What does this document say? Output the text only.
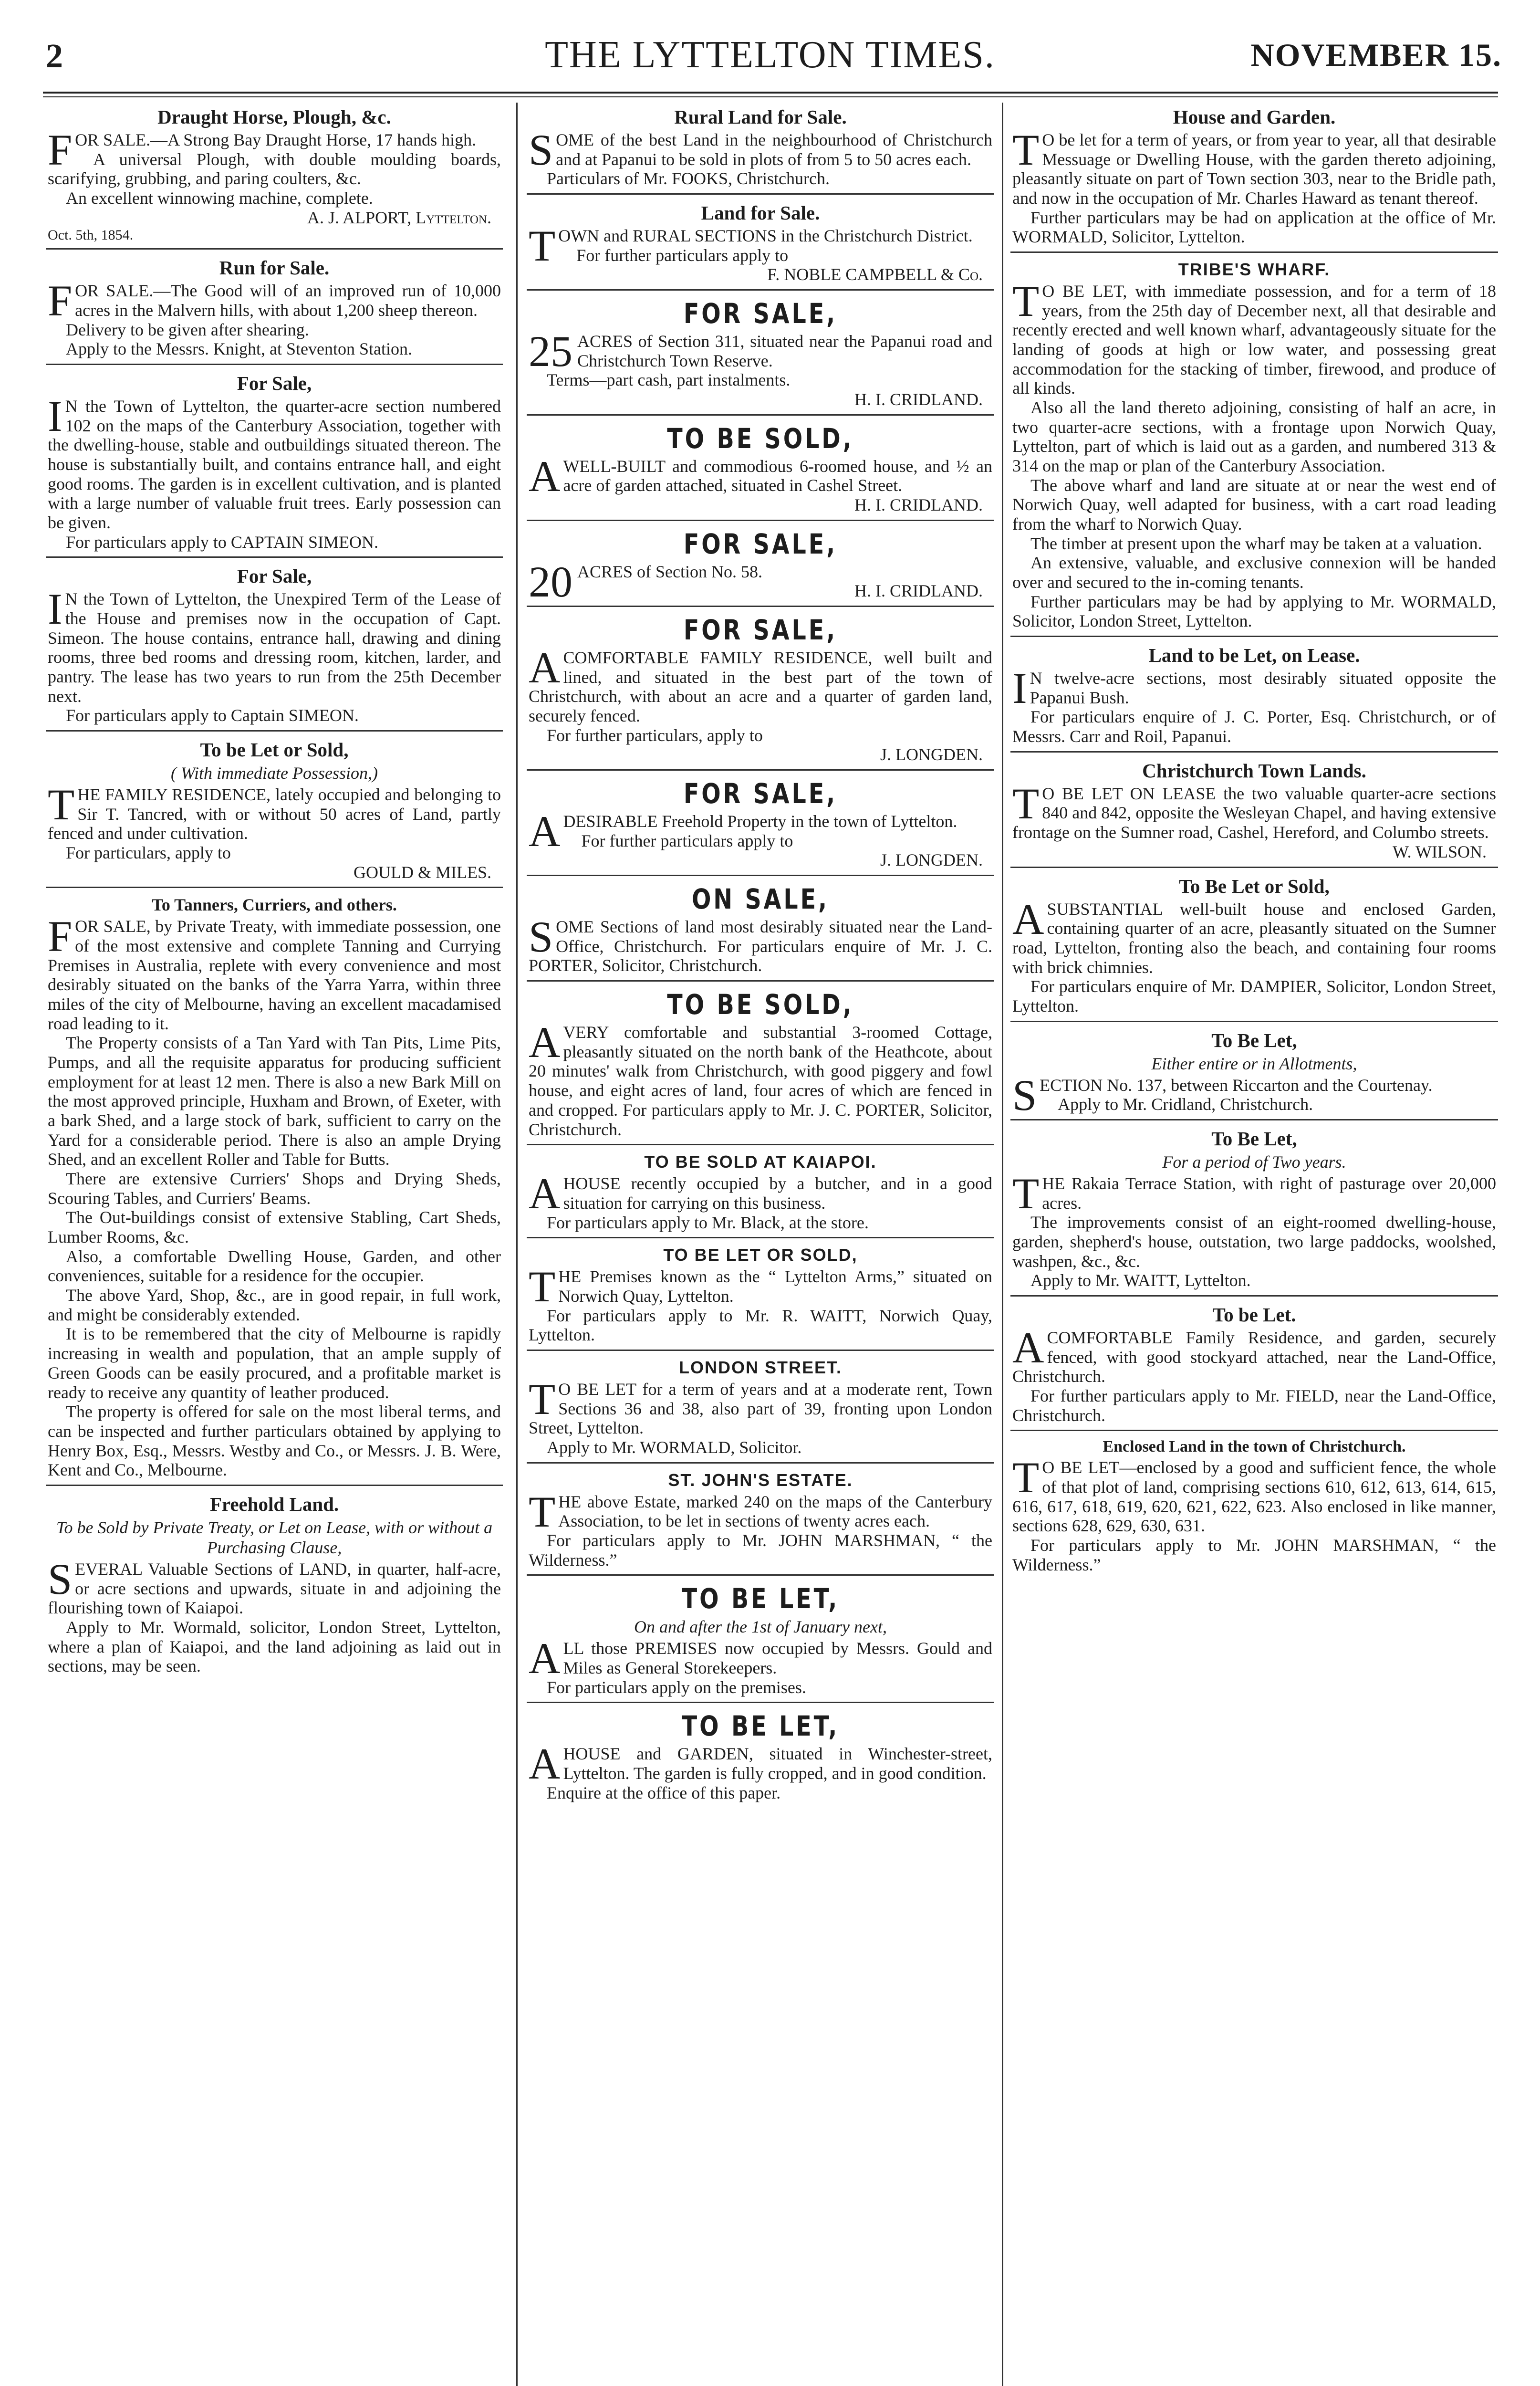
2	THE LYTTELTON TIMES.	NOVEMBER 15.
Draught Horse, Plough, &c.

FOR SALE.—A Strong Bay Draught Horse, 17 hands high.

A universal Plough, with double moulding boards, scarifying, grubbing, and paring coulters, &c.

An excellent winnowing machine, complete.

A. J. ALPORT, Lyttelton.

Oct. 5th, 1854.

Run for Sale.

FOR SALE.—The Good will of an improved run of 10,000 acres in the Malvern hills, with about 1,200 sheep thereon.

Delivery to be given after shearing.

Apply to the Messrs. Knight, at Steventon Station.

For Sale,

I N the Town of Lyttelton, the quarter-acre section numbered 102 on the maps of the Canterbury Association, together with the dwelling-house, stable and outbuildings situated thereon. The house is substantially built, and contains entrance hall, and eight good rooms. The garden is in excellent cultivation, and is planted with a large number of valuable fruit trees. Early possession can be given.

For particulars apply to CAPTAIN SIMEON.

For Sale,

I N the Town of Lyttelton, the Unexpired Term of the Lease of the House and premises now in the occupation of Capt. Simeon. The house contains, entrance hall, drawing and dining rooms, three bed rooms and dressing room, kitchen, larder, and pantry. The lease has two years to run from the 25th December next.

For particulars apply to Captain SIMEON.

To be Let or Sold,
( With immediate Possession,)

THE FAMILY RESIDENCE, lately occupied and belonging to Sir T. Tancred, with or without 50 acres of Land, partly fenced and under cultivation.

For particulars, apply to

GOULD & MILES.

To Tanners, Curriers, and others.

FOR SALE, by Private Treaty, with immediate possession, one of the most extensive and complete Tanning and Currying Premises in Australia, replete with every convenience and most desirably situated on the banks of the Yarra Yarra, within three miles of the city of Melbourne, having an excellent macadamised road leading to it.

The Property consists of a Tan Yard with Tan Pits, Lime Pits, Pumps, and all the requisite apparatus for producing sufficient employment for at least 12 men. There is also a new Bark Mill on the most approved principle, Huxham and Brown, of Exeter, with a bark Shed, and a large stock of bark, sufficient to carry on the Yard for a considerable period. There is also an ample Drying Shed, and an excellent Roller and Table for Butts.

There are extensive Curriers' Shops and Drying Sheds, Scouring Tables, and Curriers' Beams.

The Out-buildings consist of extensive Stabling, Cart Sheds, Lumber Rooms, &c.

Also, a comfortable Dwelling House, Garden, and other conveniences, suitable for a residence for the occupier.

The above Yard, Shop, &c., are in good repair, in full work, and might be considerably extended.

It is to be remembered that the city of Melbourne is rapidly increasing in wealth and population, that an ample supply of Green Goods can be easily procured, and a profitable market is ready to receive any quantity of leather produced.

The property is offered for sale on the most liberal terms, and can be inspected and further particulars obtained by applying to Henry Box, Esq., Messrs. Westby and Co., or Messrs. J. B. Were, Kent and Co., Melbourne.

Freehold Land.
To be Sold by Private Treaty, or Let on Lease, with or without a Purchasing Clause,

SEVERAL Valuable Sections of LAND, in quarter, half-acre, or acre sections and upwards, situate in and adjoining the flourishing town of Kaiapoi.

Apply to Mr. Wormald, solicitor, London Street, Lyttelton, where a plan of Kaiapoi, and the land adjoining as laid out in sections, may be seen.

Rural Land for Sale.

SOME of the best Land in the neighbourhood of Christchurch and at Papanui to be sold in plots of from 5 to 50 acres each.

Particulars of Mr. FOOKS, Christchurch.

Land for Sale.

TOWN and RURAL SECTIONS in the Christchurch District.

For further particulars apply to

F. NOBLE CAMPBELL & Co.

FOR SALE,

25 ACRES of Section 311, situated near the Papanui road and Christchurch Town Reserve.

Terms—part cash, part instalments.

H. I. CRIDLAND.

TO BE SOLD,

AWELL-BUILT and commodious 6-roomed house, and ½ an acre of garden attached, situated in Cashel Street.

H. I. CRIDLAND.

FOR SALE,

20 ACRES of Section No. 58.

H. I. CRIDLAND.

FOR SALE,

ACOMFORTABLE FAMILY RESIDENCE, well built and lined, and situated in the best part of the town of Christchurch, with about an acre and a quarter of garden land, securely fenced.

For further particulars, apply to

J. LONGDEN.

FOR SALE,

ADESIRABLE Freehold Property in the town of Lyttelton.

For further particulars apply to

J. LONGDEN.

ON SALE,

SOME Sections of land most desirably situated near the Land-Office, Christchurch. For particulars enquire of Mr. J. C. PORTER, Solicitor, Christchurch.

TO BE SOLD,

AVERY comfortable and substantial 3-roomed Cottage, pleasantly situated on the north bank of the Heathcote, about 20 minutes' walk from Christchurch, with good piggery and fowl house, and eight acres of land, four acres of which are fenced in and cropped. For particulars apply to Mr. J. C. PORTER, Solicitor, Christchurch.

TO BE SOLD AT KAIAPOI.

AHOUSE recently occupied by a butcher, and in a good situation for carrying on this business.

For particulars apply to Mr. Black, at the store.

TO BE LET OR SOLD,

THE Premises known as the “ Lyttelton Arms,” situated on Norwich Quay, Lyttelton.

For particulars apply to Mr. R. WAITT, Norwich Quay, Lyttelton.

LONDON STREET.

T O BE LET for a term of years and at a moderate rent, Town Sections 36 and 38, also part of 39, fronting upon London Street, Lyttelton.

Apply to Mr. WORMALD, Solicitor.

ST. JOHN'S ESTATE.

THE above Estate, marked 240 on the maps of the Canterbury Association, to be let in sections of twenty acres each.

For particulars apply to Mr. JOHN MARSHMAN, “ the Wilderness.”

TO BE LET,
On and after the 1st of January next,

ALL those PREMISES now occupied by Messrs. Gould and Miles as General Storekeepers.

For particulars apply on the premises.

TO BE LET,

AHOUSE and GARDEN, situated in Winchester-street, Lyttelton. The garden is fully cropped, and in good condition.

Enquire at the office of this paper.

House and Garden.

T O be let for a term of years, or from year to year, all that desirable Messuage or Dwelling House, with the garden thereto adjoining, pleasantly situate on part of Town section 303, near to the Bridle path, and now in the occupation of Mr. Charles Haward as tenant thereof.

Further particulars may be had on application at the office of Mr. WORMALD, Solicitor, Lyttelton.

TRIBE'S WHARF.

T O BE LET, with immediate possession, and for a term of 18 years, from the 25th day of December next, all that desirable and recently erected and well known wharf, advantageously situate for the landing of goods at high or low water, and possessing great accommodation for the stacking of timber, firewood, and produce of all kinds.

Also all the land thereto adjoining, consisting of half an acre, in two quarter-acre sections, with a frontage upon Norwich Quay, Lyttelton, part of which is laid out as a garden, and numbered 313 & 314 on the map or plan of the Canterbury Association.

The above wharf and land are situate at or near the west end of Norwich Quay, well adapted for business, with a cart road leading from the wharf to Norwich Quay.

The timber at present upon the wharf may be taken at a valuation.

An extensive, valuable, and exclusive connexion will be handed over and secured to the in-coming tenants.

Further particulars may be had by applying to Mr. WORMALD, Solicitor, London Street, Lyttelton.

Land to be Let, on Lease.

I N twelve-acre sections, most desirably situated opposite the Papanui Bush.

For particulars enquire of J. C. Porter, Esq. Christchurch, or of Messrs. Carr and Roil, Papanui.

Christchurch Town Lands.

T O BE LET ON LEASE the two valuable quarter-acre sections 840 and 842, opposite the Wesleyan Chapel, and having extensive frontage on the Sumner road, Cashel, Hereford, and Columbo streets.

W. WILSON.

To Be Let or Sold,

ASUBSTANTIAL well-built house and enclosed Garden, containing quarter of an acre, pleasantly situated on the Sumner road, Lyttelton, fronting also the beach, and containing four rooms with brick chimnies.

For particulars enquire of Mr. DAMPIER, Solicitor, London Street, Lyttelton.

To Be Let,
Either entire or in Allotments,

SECTION No. 137, between Riccarton and the Courtenay.

Apply to Mr. Cridland, Christchurch.

To Be Let,
For a period of Two years.

THE Rakaia Terrace Station, with right of pasturage over 20,000 acres.

The improvements consist of an eight-roomed dwelling-house, garden, shepherd's house, outstation, two large paddocks, woolshed, washpen, &c., &c.

Apply to Mr. WAITT, Lyttelton.

To be Let.

ACOMFORTABLE Family Residence, and garden, securely fenced, with good stockyard attached, near the Land-Office, Christchurch.

For further particulars apply to Mr. FIELD, near the Land-Office, Christchurch.

Enclosed Land in the town of Christchurch.

T O BE LET—enclosed by a good and sufficient fence, the whole of that plot of land, comprising sections 610, 612, 613, 614, 615, 616, 617, 618, 619, 620, 621, 622, 623. Also enclosed in like manner, sections 628, 629, 630, 631.

For particulars apply to Mr. JOHN MARSHMAN, “ the Wilderness.”
